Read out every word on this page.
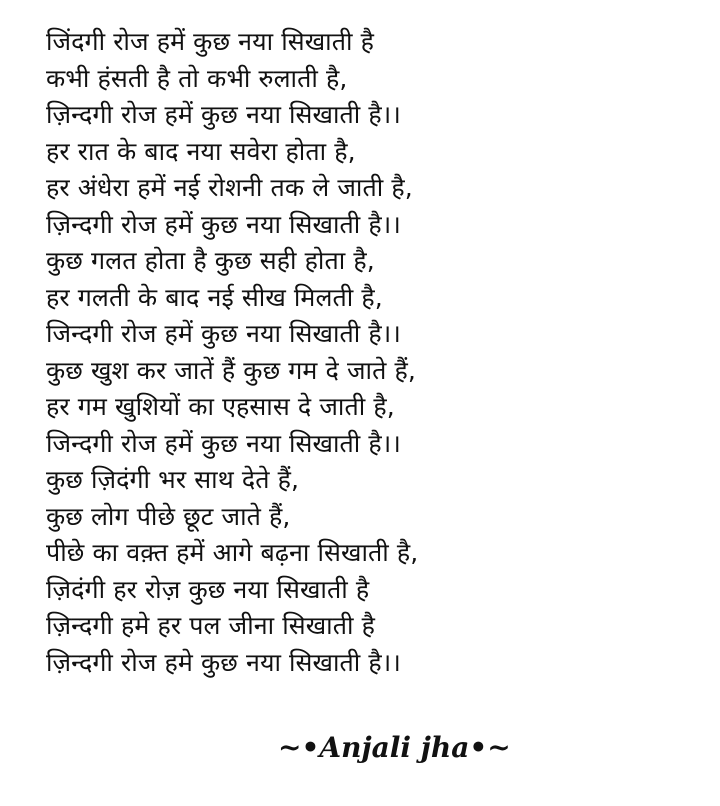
जिंदगी रोज हमें कुछ नया सिखाती है
कभी हंसती है तो कभी रुलाती है,
ज़िन्दगी रोज हमें कुछ नया सिखाती है।।
हर रात के बाद नया सवेरा होता है,
हर अंधेरा हमें नई रोशनी तक ले जाती है,
ज़िन्दगी रोज हमें कुछ नया सिखाती है।।
कुछ गलत होता है कुछ सही होता है,
हर गलती के बाद नई सीख मिलती है,
जिन्दगी रोज हमें कुछ नया सिखाती है।।
कुछ खुश कर जातें हैं कुछ गम दे जाते हैं,
हर गम खुशियों का एहसास दे जाती है,
जिन्दगी रोज हमें कुछ नया सिखाती है।।
कुछ ज़िदंगी भर साथ देते हैं,
कुछ लोग पीछे छूट जाते हैं,
पीछे का वक़्त हमें आगे बढ़ना सिखाती है,
ज़िदंगी हर रोज़ कुछ नया सिखाती है
ज़िन्दगी हमे हर पल जीना सिखाती है
ज़िन्दगी रोज हमे कुछ नया सिखाती है।।
~•Anjali jha•~
